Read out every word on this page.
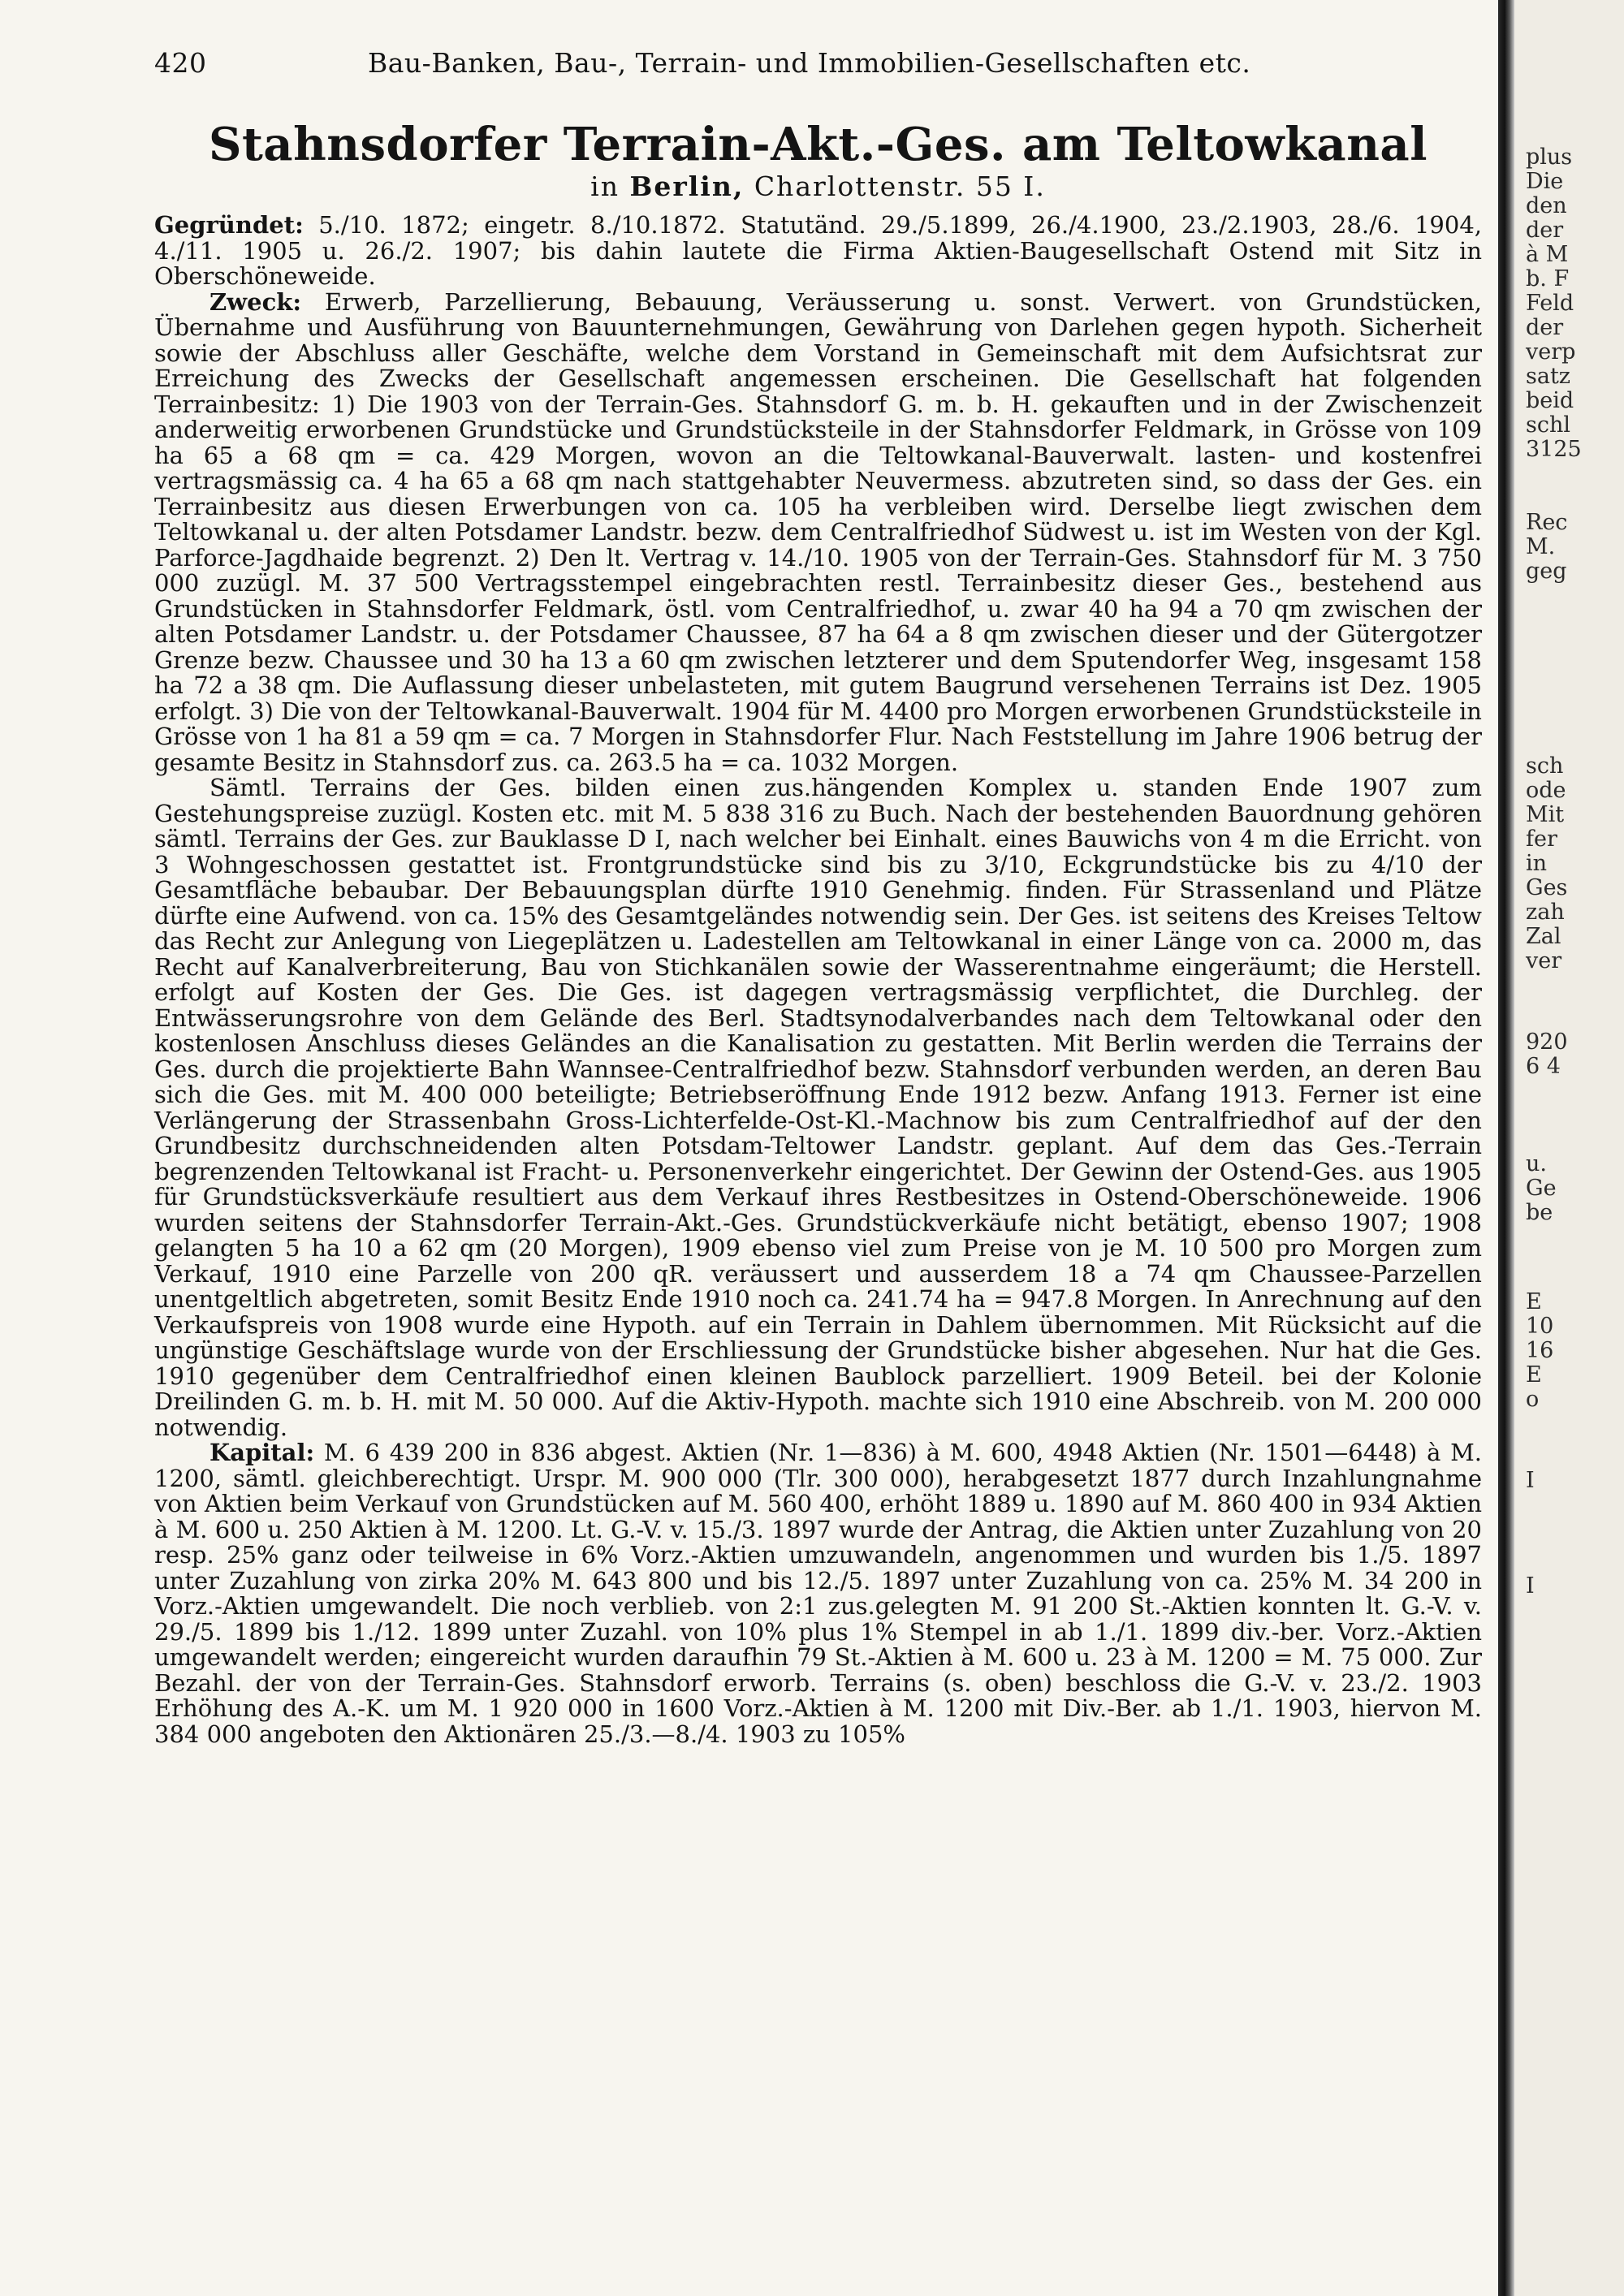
420	Bau-Banken, Bau-, Terrain- und Immobilien-Gesellschaften etc.
Stahnsdorfer Terrain-Akt.-Ges. am Teltowkanal
in Berlin, Charlottenstr. 55 I.

Gegründet: 5./10. 1872; eingetr. 8./10.1872. Statutänd. 29./5.1899, 26./4.1900, 23./2.1903, 28./6. 1904, 4./11. 1905 u. 26./2. 1907; bis dahin lautete die Firma Aktien-Baugesellschaft Ostend mit Sitz in Oberschöneweide.

Zweck: Erwerb, Parzellierung, Bebauung, Veräusserung u. sonst. Verwert. von Grundstücken, Übernahme und Ausführung von Bauunternehmungen, Gewährung von Darlehen gegen hypoth. Sicherheit sowie der Abschluss aller Geschäfte, welche dem Vorstand in Gemeinschaft mit dem Aufsichtsrat zur Erreichung des Zwecks der Gesellschaft angemessen erscheinen. Die Gesellschaft hat folgenden Terrainbesitz: 1) Die 1903 von der Terrain-Ges. Stahnsdorf G. m. b. H. gekauften und in der Zwischenzeit anderweitig erworbenen Grundstücke und Grundstücksteile in der Stahnsdorfer Feldmark, in Grösse von 109 ha 65 a 68 qm = ca. 429 Morgen, wovon an die Teltowkanal-Bauverwalt. lasten- und kostenfrei vertragsmässig ca. 4 ha 65 a 68 qm nach stattgehabter Neuvermess. abzutreten sind, so dass der Ges. ein Terrainbesitz aus diesen Erwerbungen von ca. 105 ha verbleiben wird. Derselbe liegt zwischen dem Teltowkanal u. der alten Potsdamer Landstr. bezw. dem Centralfriedhof Südwest u. ist im Westen von der Kgl. Parforce-Jagdhaide begrenzt. 2) Den lt. Vertrag v. 14./10. 1905 von der Terrain-Ges. Stahnsdorf für M. 3 750 000 zuzügl. M. 37 500 Vertragsstempel eingebrachten restl. Terrainbesitz dieser Ges., bestehend aus Grundstücken in Stahnsdorfer Feldmark, östl. vom Centralfriedhof, u. zwar 40 ha 94 a 70 qm zwischen der alten Potsdamer Landstr. u. der Potsdamer Chaussee, 87 ha 64 a 8 qm zwischen dieser und der Gütergotzer Grenze bezw. Chaussee und 30 ha 13 a 60 qm zwischen letzterer und dem Sputendorfer Weg, insgesamt 158 ha 72 a 38 qm. Die Auflassung dieser unbelasteten, mit gutem Baugrund versehenen Terrains ist Dez. 1905 erfolgt. 3) Die von der Teltowkanal-Bauverwalt. 1904 für M. 4400 pro Morgen erworbenen Grundstücksteile in Grösse von 1 ha 81 a 59 qm = ca. 7 Morgen in Stahnsdorfer Flur. Nach Feststellung im Jahre 1906 betrug der gesamte Besitz in Stahnsdorf zus. ca. 263.5 ha = ca. 1032 Morgen.

Sämtl. Terrains der Ges. bilden einen zus.hängenden Komplex u. standen Ende 1907 zum Gestehungspreise zuzügl. Kosten etc. mit M. 5 838 316 zu Buch. Nach der bestehenden Bauordnung gehören sämtl. Terrains der Ges. zur Bauklasse D I, nach welcher bei Einhalt. eines Bauwichs von 4 m die Erricht. von 3 Wohngeschossen gestattet ist. Frontgrundstücke sind bis zu 3/10, Eckgrundstücke bis zu 4/10 der Gesamtfläche bebaubar. Der Bebauungsplan dürfte 1910 Genehmig. finden. Für Strassenland und Plätze dürfte eine Aufwend. von ca. 15% des Gesamtgeländes notwendig sein. Der Ges. ist seitens des Kreises Teltow das Recht zur Anlegung von Liegeplätzen u. Ladestellen am Teltowkanal in einer Länge von ca. 2000 m, das Recht auf Kanalverbreiterung, Bau von Stichkanälen sowie der Wasserentnahme eingeräumt; die Herstell. erfolgt auf Kosten der Ges. Die Ges. ist dagegen vertragsmässig verpflichtet, die Durchleg. der Entwässerungsrohre von dem Gelände des Berl. Stadtsynodalverbandes nach dem Teltowkanal oder den kostenlosen Anschluss dieses Geländes an die Kanalisation zu gestatten. Mit Berlin werden die Terrains der Ges. durch die projektierte Bahn Wannsee-Centralfriedhof bezw. Stahnsdorf verbunden werden, an deren Bau sich die Ges. mit M. 400 000 beteiligte; Betriebseröffnung Ende 1912 bezw. Anfang 1913. Ferner ist eine Verlängerung der Strassenbahn Gross-Lichterfelde-Ost-Kl.-Machnow bis zum Centralfriedhof auf der den Grundbesitz durchschneidenden alten Potsdam-Teltower Landstr. geplant. Auf dem das Ges.-Terrain begrenzenden Teltowkanal ist Fracht- u. Personenverkehr eingerichtet. Der Gewinn der Ostend-Ges. aus 1905 für Grundstücksverkäufe resultiert aus dem Verkauf ihres Restbesitzes in Ostend-Oberschöneweide. 1906 wurden seitens der Stahnsdorfer Terrain-Akt.-Ges. Grundstückverkäufe nicht betätigt, ebenso 1907; 1908 gelangten 5 ha 10 a 62 qm (20 Morgen), 1909 ebenso viel zum Preise von je M. 10 500 pro Morgen zum Verkauf, 1910 eine Parzelle von 200 qR. veräussert und ausserdem 18 a 74 qm Chaussee-Parzellen unentgeltlich abgetreten, somit Besitz Ende 1910 noch ca. 241.74 ha = 947.8 Morgen. In Anrechnung auf den Verkaufspreis von 1908 wurde eine Hypoth. auf ein Terrain in Dahlem übernommen. Mit Rücksicht auf die ungünstige Geschäftslage wurde von der Erschliessung der Grundstücke bisher abgesehen. Nur hat die Ges. 1910 gegenüber dem Centralfriedhof einen kleinen Baublock parzelliert. 1909 Beteil. bei der Kolonie Dreilinden G. m. b. H. mit M. 50 000. Auf die Aktiv-Hypoth. machte sich 1910 eine Abschreib. von M. 200 000 notwendig.

Kapital: M. 6 439 200 in 836 abgest. Aktien (Nr. 1—836) à M. 600, 4948 Aktien (Nr. 1501—6448) à M. 1200, sämtl. gleichberechtigt. Urspr. M. 900 000 (Tlr. 300 000), herabgesetzt 1877 durch Inzahlungnahme von Aktien beim Verkauf von Grundstücken auf M. 560 400, erhöht 1889 u. 1890 auf M. 860 400 in 934 Aktien à M. 600 u. 250 Aktien à M. 1200. Lt. G.-V. v. 15./3. 1897 wurde der Antrag, die Aktien unter Zuzahlung von 20 resp. 25% ganz oder teilweise in 6% Vorz.-Aktien umzuwandeln, angenommen und wurden bis 1./5. 1897 unter Zuzahlung von zirka 20% M. 643 800 und bis 12./5. 1897 unter Zuzahlung von ca. 25% M. 34 200 in Vorz.-Aktien umgewandelt. Die noch verblieb. von 2:1 zus.gelegten M. 91 200 St.-Aktien konnten lt. G.-V. v. 29./5. 1899 bis 1./12. 1899 unter Zuzahl. von 10% plus 1% Stempel in ab 1./1. 1899 div.-ber. Vorz.-Aktien umgewandelt werden; eingereicht wurden daraufhin 79 St.-Aktien à M. 600 u. 23 à M. 1200 = M. 75 000. Zur Bezahl. der von der Terrain-Ges. Stahnsdorf erworb. Terrains (s. oben) beschloss die G.-V. v. 23./2. 1903 Erhöhung des A.-K. um M. 1 920 000 in 1600 Vorz.-Aktien à M. 1200 mit Div.-Ber. ab 1./1. 1903, hiervon M. 384 000 angeboten den Aktionären 25./3.—8./4. 1903 zu 105%

plus
Die
den
der
à M
b. F
Feld
der
verp
satz
beid
schl
3125
Rec
M.
geg
sch
ode
Mit
fer
in
Ges
zah
Zal
ver
920
6 4
u.
Ge
be
E
10
16
E
o
I
I
